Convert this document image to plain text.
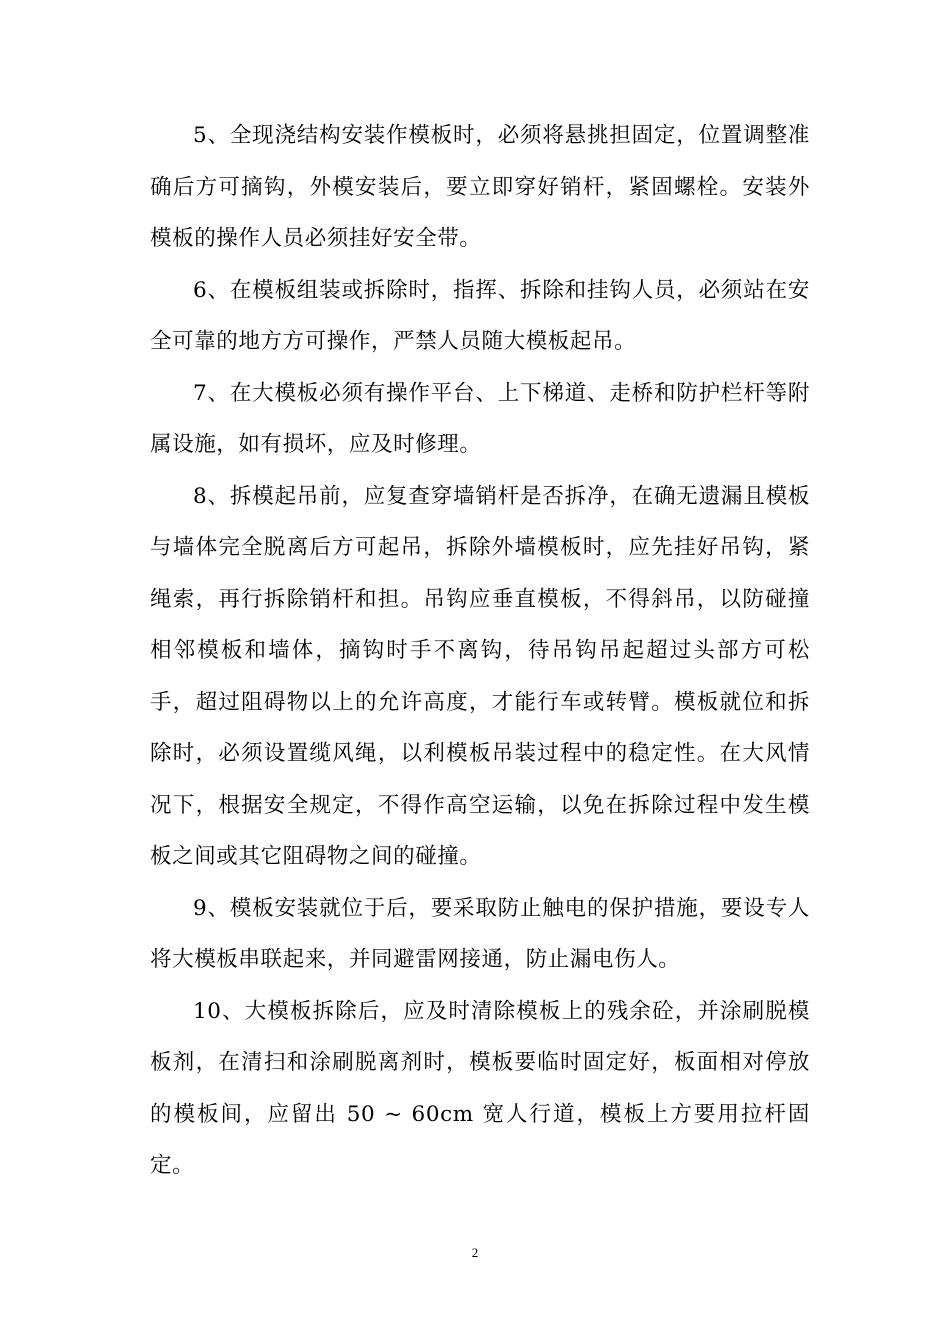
5、全现浇结构安装作模板时，必须将悬挑担固定，位置调整准确后方可摘钩，外模安装后，要立即穿好销杆，紧固螺栓。安装外模板的操作人员必须挂好安全带。

6、在模板组装或拆除时，指挥、拆除和挂钩人员，必须站在安全可靠的地方方可操作，严禁人员随大模板起吊。

7、在大模板必须有操作平台、上下梯道、走桥和防护栏杆等附属设施，如有损坏，应及时修理。

8、拆模起吊前，应复查穿墙销杆是否拆净，在确无遗漏且模板与墙体完全脱离后方可起吊，拆除外墙模板时，应先挂好吊钩，紧绳索，再行拆除销杆和担。吊钩应垂直模板，不得斜吊，以防碰撞相邻模板和墙体，摘钩时手不离钩，待吊钩吊起超过头部方可松手，超过阻碍物以上的允许高度，才能行车或转臂。模板就位和拆除时，必须设置缆风绳，以利模板吊装过程中的稳定性。在大风情况下，根据安全规定，不得作高空运输，以免在拆除过程中发生模板之间或其它阻碍物之间的碰撞。

9、模板安装就位于后，要采取防止触电的保护措施，要设专人将大模板串联起来，并同避雷网接通，防止漏电伤人。

10、大模板拆除后，应及时清除模板上的残余砼，并涂刷脱模板剂，在清扫和涂刷脱离剂时，模板要临时固定好，板面相对停放的模板间，应留出 50 ~ 60cm 宽人行道，模板上方要用拉杆固定。

2
